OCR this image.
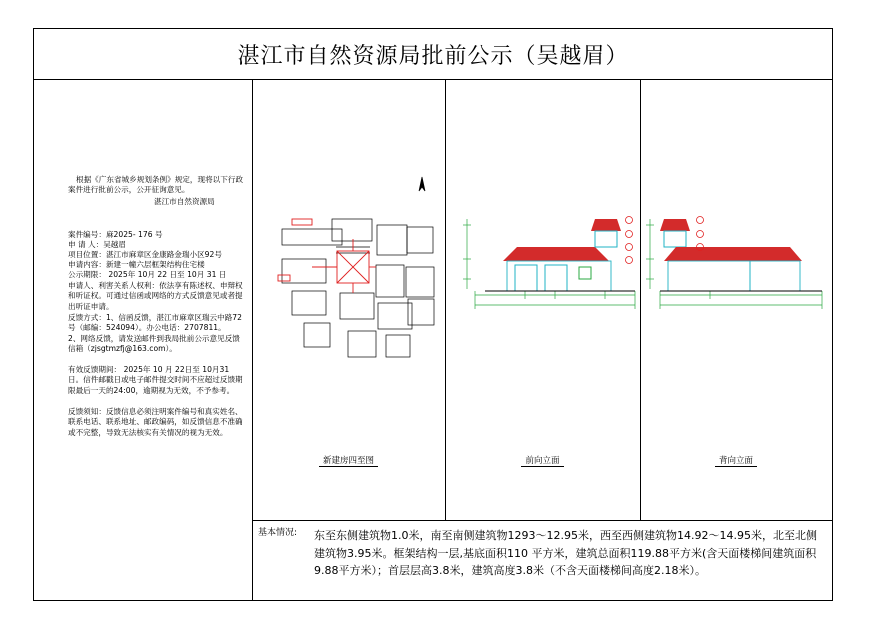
湛江市自然资源局批前公示（吴越眉）
根据《广东省城乡规划条例》规定，现将以下行政案件进行批前公示，公开征询意见。
湛江市自然资源局
案件编号：麻2025- 176 号
申 请 人：吴越眉
项目位置：湛江市麻章区金康路金瑞小区92号
申请内容：新建一幢六层框架结构住宅楼
公示期限： 2025年 10月 22 日至 10月 31 日
申请人、利害关系人权利：依法享有陈述权、申辩权和听证权。可通过信函或网络的方式反馈意见或者提出听证申请。
反馈方式：1、信函反馈，湛江市麻章区瑞云中路72号（邮编：524094）。办公电话：2707811。
2、网络反馈，请发送邮件到我局批前公示意见反馈信箱（zjsgtmzfj@163.com）。
有效反馈期间： 2025年 10 月 22日至 10月31日。信件邮戳日或电子邮件提交时间不应超过反馈期限最后一天的24:00，逾期视为无效，不予参考。
反馈须知：反馈信息必须注明案件编号和真实姓名、联系电话、联系地址、邮政编码，如反馈信息不准确或不完整，导致无法核实有关情况的视为无效。
新建房四至图	前向立面	背向立面
基本情况: 东至东侧建筑物1.0米，南至南侧建筑物1293～12.95米，西至西侧建筑物14.92～14.95米，北至北侧建筑物3.95米。框架结构一层,基底面积110 平方米，建筑总面积119.88平方米(含天面楼梯间建筑面积9.88平方米）；首层层高3.8米，建筑高度3.8米（不含天面楼梯间高度2.18米）。
